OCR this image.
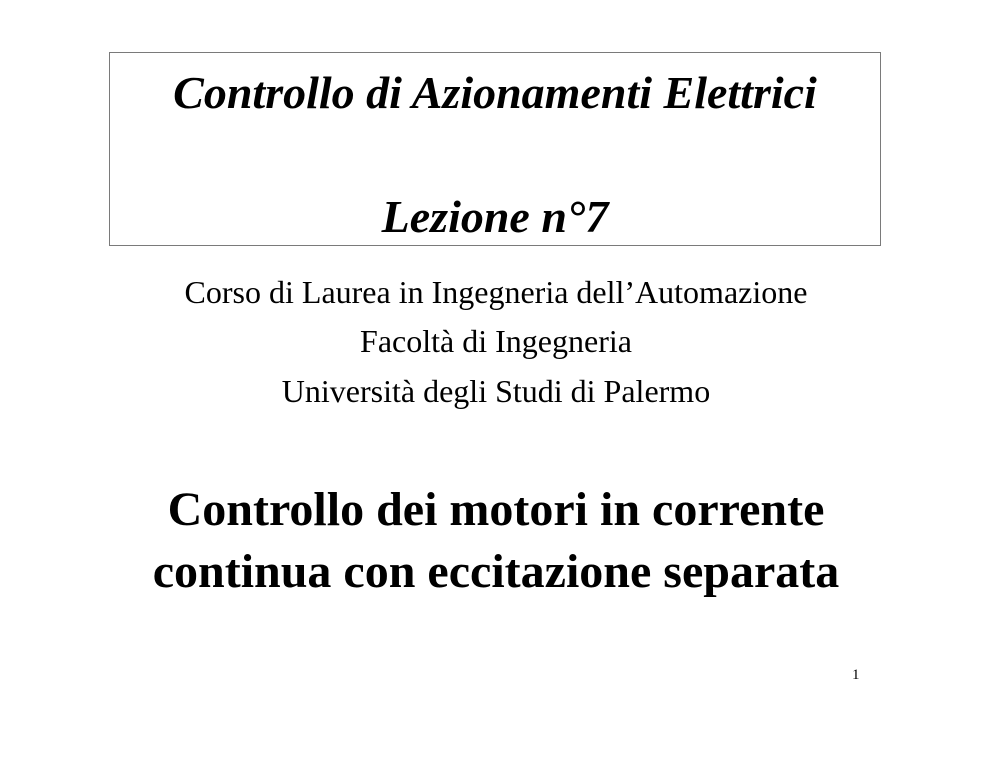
Controllo di Azionamenti Elettrici
Lezione n°7
Corso di Laurea in Ingegneria dell’Automazione
Facoltà di Ingegneria
Università degli Studi di Palermo
Controllo dei motori in corrente
continua con eccitazione separata
1
